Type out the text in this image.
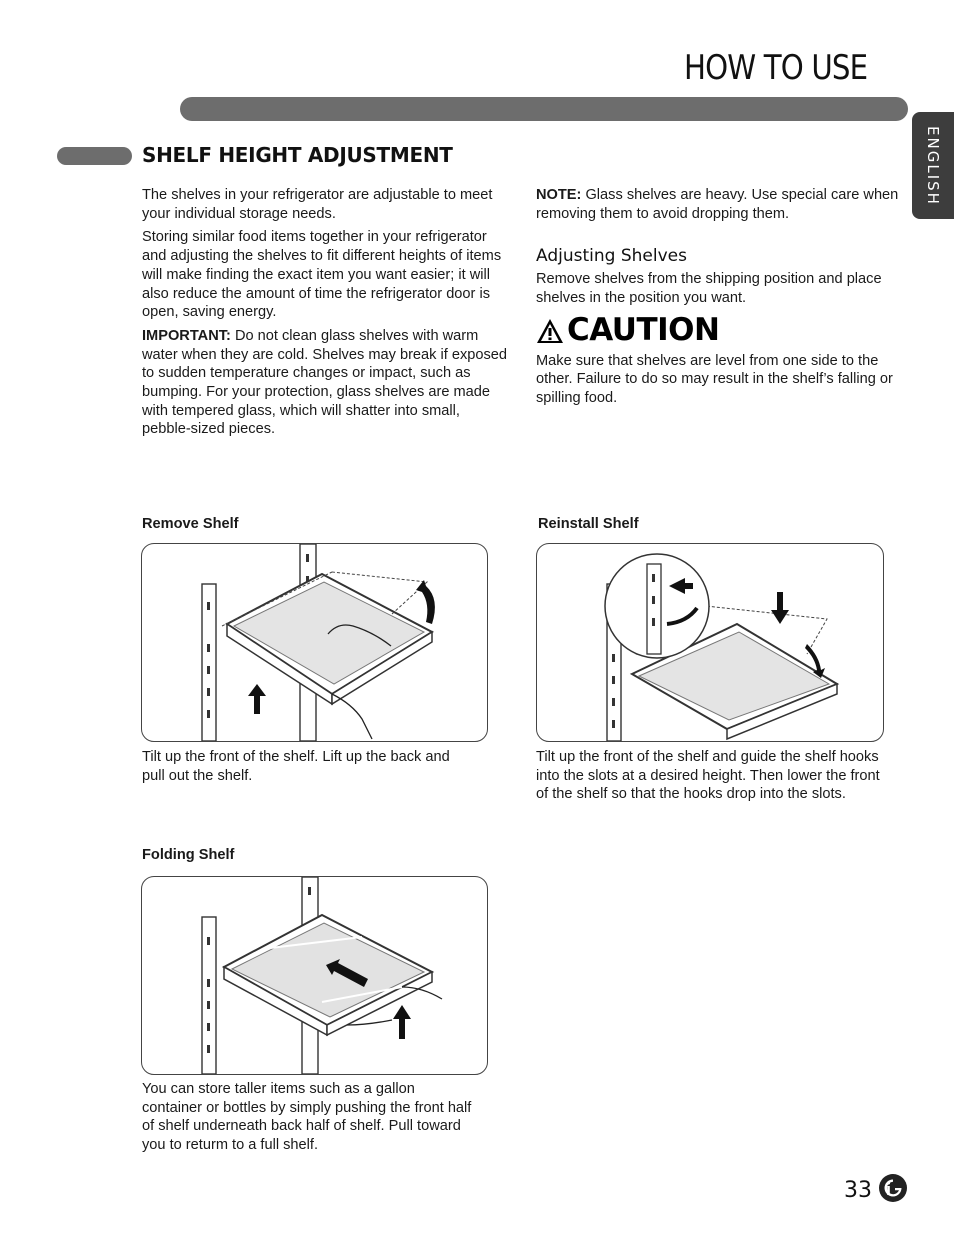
HOW TO USE
ENGLISH
SHELF HEIGHT ADJUSTMENT

The shelves in your refrigerator are adjustable to meet your individual storage needs.

Storing similar food items together in your refrigerator and adjusting the shelves to fit different heights of items will make finding the exact item you want easier; it will also reduce the amount of time the refrigerator door is open, saving energy.

IMPORTANT: Do not clean glass shelves with warm water when they are cold. Shelves may break if exposed to sudden temperature changes or impact, such as bumping. For your protection, glass shelves are made with tempered glass, which will shatter into small, pebble-sized pieces.

NOTE: Glass shelves are heavy. Use special care when removing them to avoid dropping them.

Adjusting Shelves

Remove shelves from the shipping position and place shelves in the position you want.

CAUTION

Make sure that shelves are level from one side to the other. Failure to do so may result in the shelf’s falling or spilling food.

Remove Shelf
Tilt up the front of the shelf. Lift up the back and pull out the shelf.
Reinstall Shelf
Tilt up the front of the shelf and guide the shelf hooks into the slots at a desired height. Then lower the front of the shelf so that the hooks drop into the slots.
Folding Shelf
You can store taller items such as a gallon container or bottles by simply pushing the front half of shelf underneath back half of shelf. Pull toward you to returm to a full shelf.
33
